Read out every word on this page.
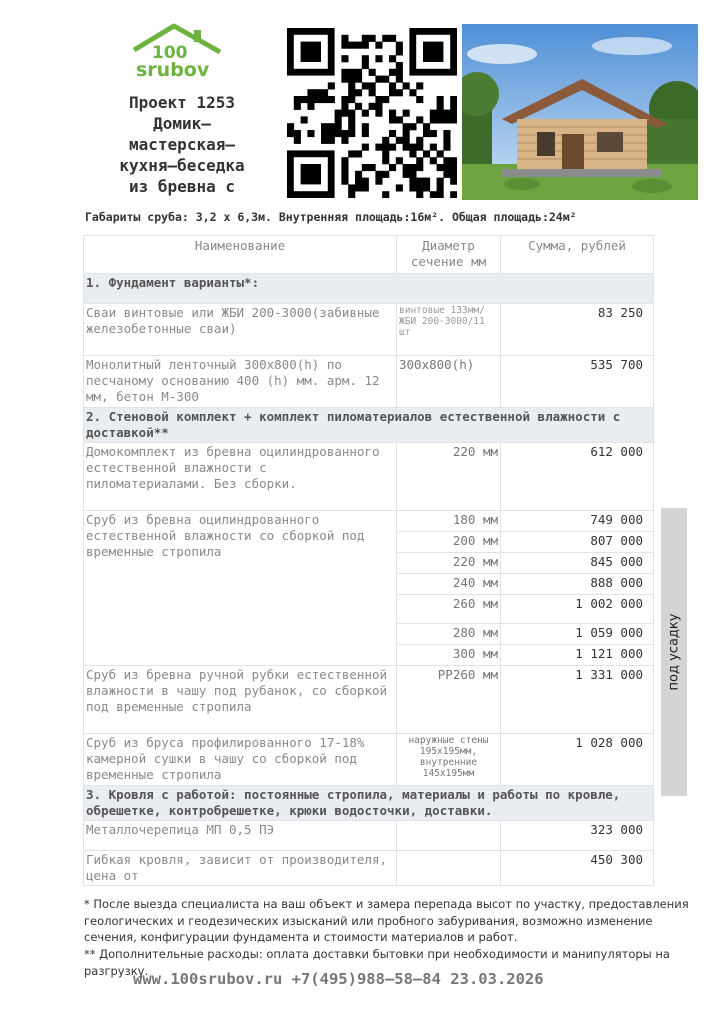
100
srubov
Проект 1253
Домик–
мастерская–
кухня–беседка
из бревна с
Габариты сруба: 3,2 х 6,3м. Внутренняя площадь:16м². Общая площадь:24м²
Наименование	Диаметр сечение мм	Сумма, рублей
1. Фундамент варианты*:		
Сваи винтовые или ЖБИ 200-3000(забивные железобетонные сваи)	винтовые 133мм/ЖБИ 200-3000/11 шт	83 250
Монолитный ленточный 300х800(h) по песчаному основанию 400 (h) мм. арм. 12 мм, бетон М-300	300х800(h)	535 700
2. Стеновой комплект + комплект пиломатериалов естественной влажности с доставкой**		
Домокомплект из бревна оцилиндрованного естественной влажности с пиломатериалами. Без сборки.	220 мм	612 000
Сруб из бревна оцилиндрованного естественной влажности со сборкой под временные стропила	180 мм	749 000
	200 мм	807 000
	220 мм	845 000
	240 мм	888 000
	260 мм	1 002 000
	280 мм	1 059 000
	300 мм	1 121 000
Сруб из бревна ручной рубки естественной влажности в чашу под рубанок, со сборкой под временные стропила	РР260 мм	1 331 000
Сруб из бруса профилированного 17-18% камерной сушки в чашу со сборкой под временные стропила	наружные стены 195х195мм, внутренние 145х195мм	1 028 000
3. Кровля с работой: постоянные стропила, материалы и работы по кровле, обрешетке, контробрешетке, крюки водосточки, доставки.		
Металлочерепица МП 0,5 ПЭ		323 000
Гибкая кровля, зависит от производителя, цена от		450 300
под усадку
* После выезда специалиста на ваш объект и замера перепада высот по участку, предоставления геологических и геодезических изысканий или пробного забуривания, возможно изменение сечения, конфигурации фундамента и стоимости материалов и работ.
** Дополнительные расходы: оплата доставки бытовки при необходимости и манипуляторы на разгрузку.
www.100srubov.ru +7(495)988–58–84 23.03.2026
